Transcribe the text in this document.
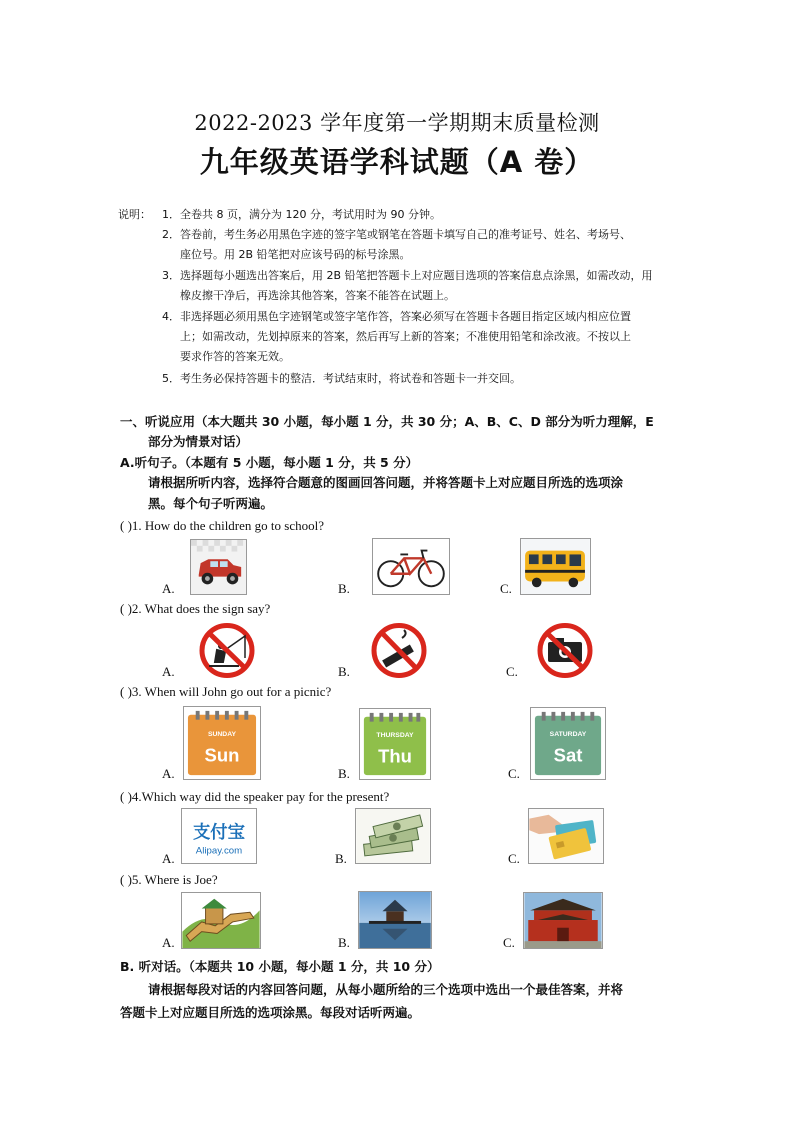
2022-2023 学年度第一学期期末质量检测
九年级英语学科试题（A 卷）
说明： 1．全卷共 8 页，满分为 120 分，考试用时为 90 分钟。
2．答卷前，考生务必用黑色字迹的签字笔或钢笔在答题卡填写自己的准考证号、姓名、考场号、
座位号。用 2B 铅笔把对应该号码的标号涂黑。
3．选择题每小题选出答案后，用 2B 铅笔把答题卡上对应题目选项的答案信息点涂黑，如需改动，用
橡皮擦干净后，再选涂其他答案，答案不能答在试题上。
4．非选择题必须用黑色字迹钢笔或签字笔作答，答案必须写在答题卡各题目指定区域内相应位置
上；如需改动，先划掉原来的答案，然后再写上新的答案；不准使用铅笔和涂改液。不按以上
要求作答的答案无效。
5．考生务必保持答题卡的整洁．考试结束时，将试卷和答题卡一并交回。
一、听说应用（本大题共 30 小题，每小题 1 分，共 30 分；A、B、C、D 部分为听力理解，E
部分为情景对话）
A.听句子。（本题有 5 小题，每小题 1 分，共 5 分）
请根据所听内容，选择符合题意的图画回答问题，并将答题卡上对应题目所选的选项涂
黑。每个句子听两遍。
( )1. How do the children go to school?
A.	B.	C.
( )2. What does the sign say?
A.	B.	C.
( )3. When will John go out for a picnic?
A.
SUNDAY
Sun
B.
THURSDAY
Thu
C.
SATURDAY
Sat
( )4.Which way did the speaker pay for the present?
A.
支付宝
Alipay.com
B.	C.
( )5. Where is Joe?
A.	B.	C.
B. 听对话。（本题共 10 小题，每小题 1 分，共 10 分）
请根据每段对话的内容回答问题，从每小题所给的三个选项中选出一个最佳答案，并将
答题卡上对应题目所选的选项涂黑。每段对话听两遍。
